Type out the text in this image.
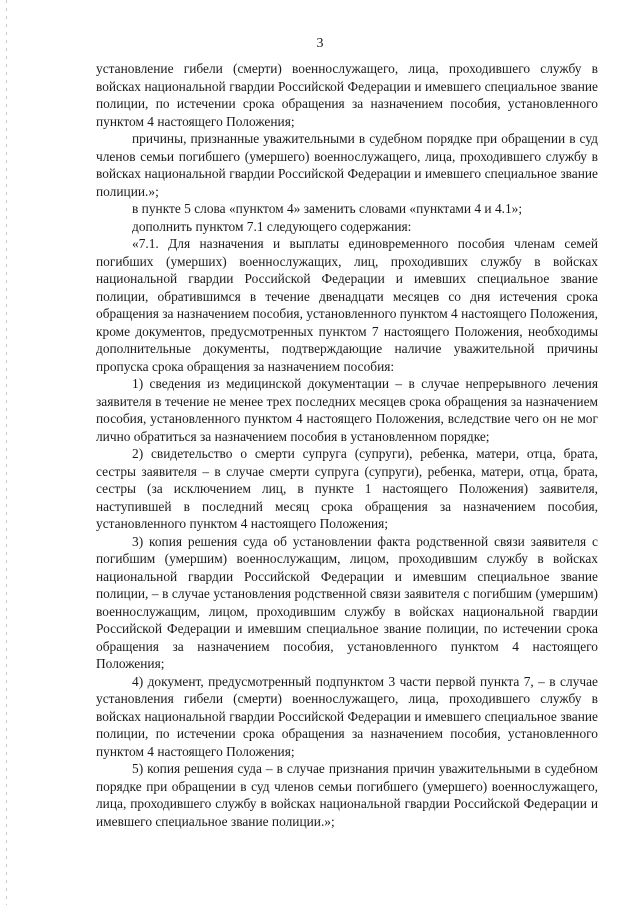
3

установление гибели (смерти) военнослужащего, лица, проходившего службу в войсках национальной гвардии Российской Федерации и имевшего специальное звание полиции, по истечении срока обращения за назначением пособия, установленного пунктом 4 настоящего Положения;

причины, признанные уважительными в судебном порядке при обращении в суд членов семьи погибшего (умершего) военнослужащего, лица, проходившего службу в войсках национальной гвардии Российской Федерации и имевшего специальное звание полиции.»;

в пункте 5 слова «пунктом 4» заменить словами «пунктами 4 и 4.1»;

дополнить пунктом 7.1 следующего содержания:

«7.1. Для назначения и выплаты единовременного пособия членам семей погибших (умерших) военнослужащих, лиц, проходивших службу в войсках национальной гвардии Российской Федерации и имевших специальное звание полиции, обратившимся в течение двенадцати месяцев со дня истечения срока обращения за назначением пособия, установленного пунктом 4 настоящего Положения, кроме документов, предусмотренных пунктом 7 настоящего Положения, необходимы дополнительные документы, подтверждающие наличие уважительной причины пропуска срока обращения за назначением пособия:

1) сведения из медицинской документации – в случае непрерывного лечения заявителя в течение не менее трех последних месяцев срока обращения за назначением пособия, установленного пунктом 4 настоящего Положения, вследствие чего он не мог лично обратиться за назначением пособия в установленном порядке;

2) свидетельство о смерти супруга (супруги), ребенка, матери, отца, брата, сестры заявителя – в случае смерти супруга (супруги), ребенка, матери, отца, брата, сестры (за исключением лиц, в пункте 1 настоящего Положения) заявителя, наступившей в последний месяц срока обращения за назначением пособия, установленного пунктом 4 настоящего Положения;

3) копия решения суда об установлении факта родственной связи заявителя с погибшим (умершим) военнослужащим, лицом, проходившим службу в войсках национальной гвардии Российской Федерации и имевшим специальное звание полиции, – в случае установления родственной связи заявителя с погибшим (умершим) военнослужащим, лицом, проходившим службу в войсках национальной гвардии Российской Федерации и имевшим специальное звание полиции, по истечении срока обращения за назначением пособия, установленного пунктом 4 настоящего Положения;

4) документ, предусмотренный подпунктом 3 части первой пункта 7, – в случае установления гибели (смерти) военнослужащего, лица, проходившего службу в войсках национальной гвардии Российской Федерации и имевшего специальное звание полиции, по истечении срока обращения за назначением пособия, установленного пунктом 4 настоящего Положения;

5) копия решения суда – в случае признания причин уважительными в судебном порядке при обращении в суд членов семьи погибшего (умершего) военнослужащего, лица, проходившего службу в войсках национальной гвардии Российской Федерации и имевшего специальное звание полиции.»;
